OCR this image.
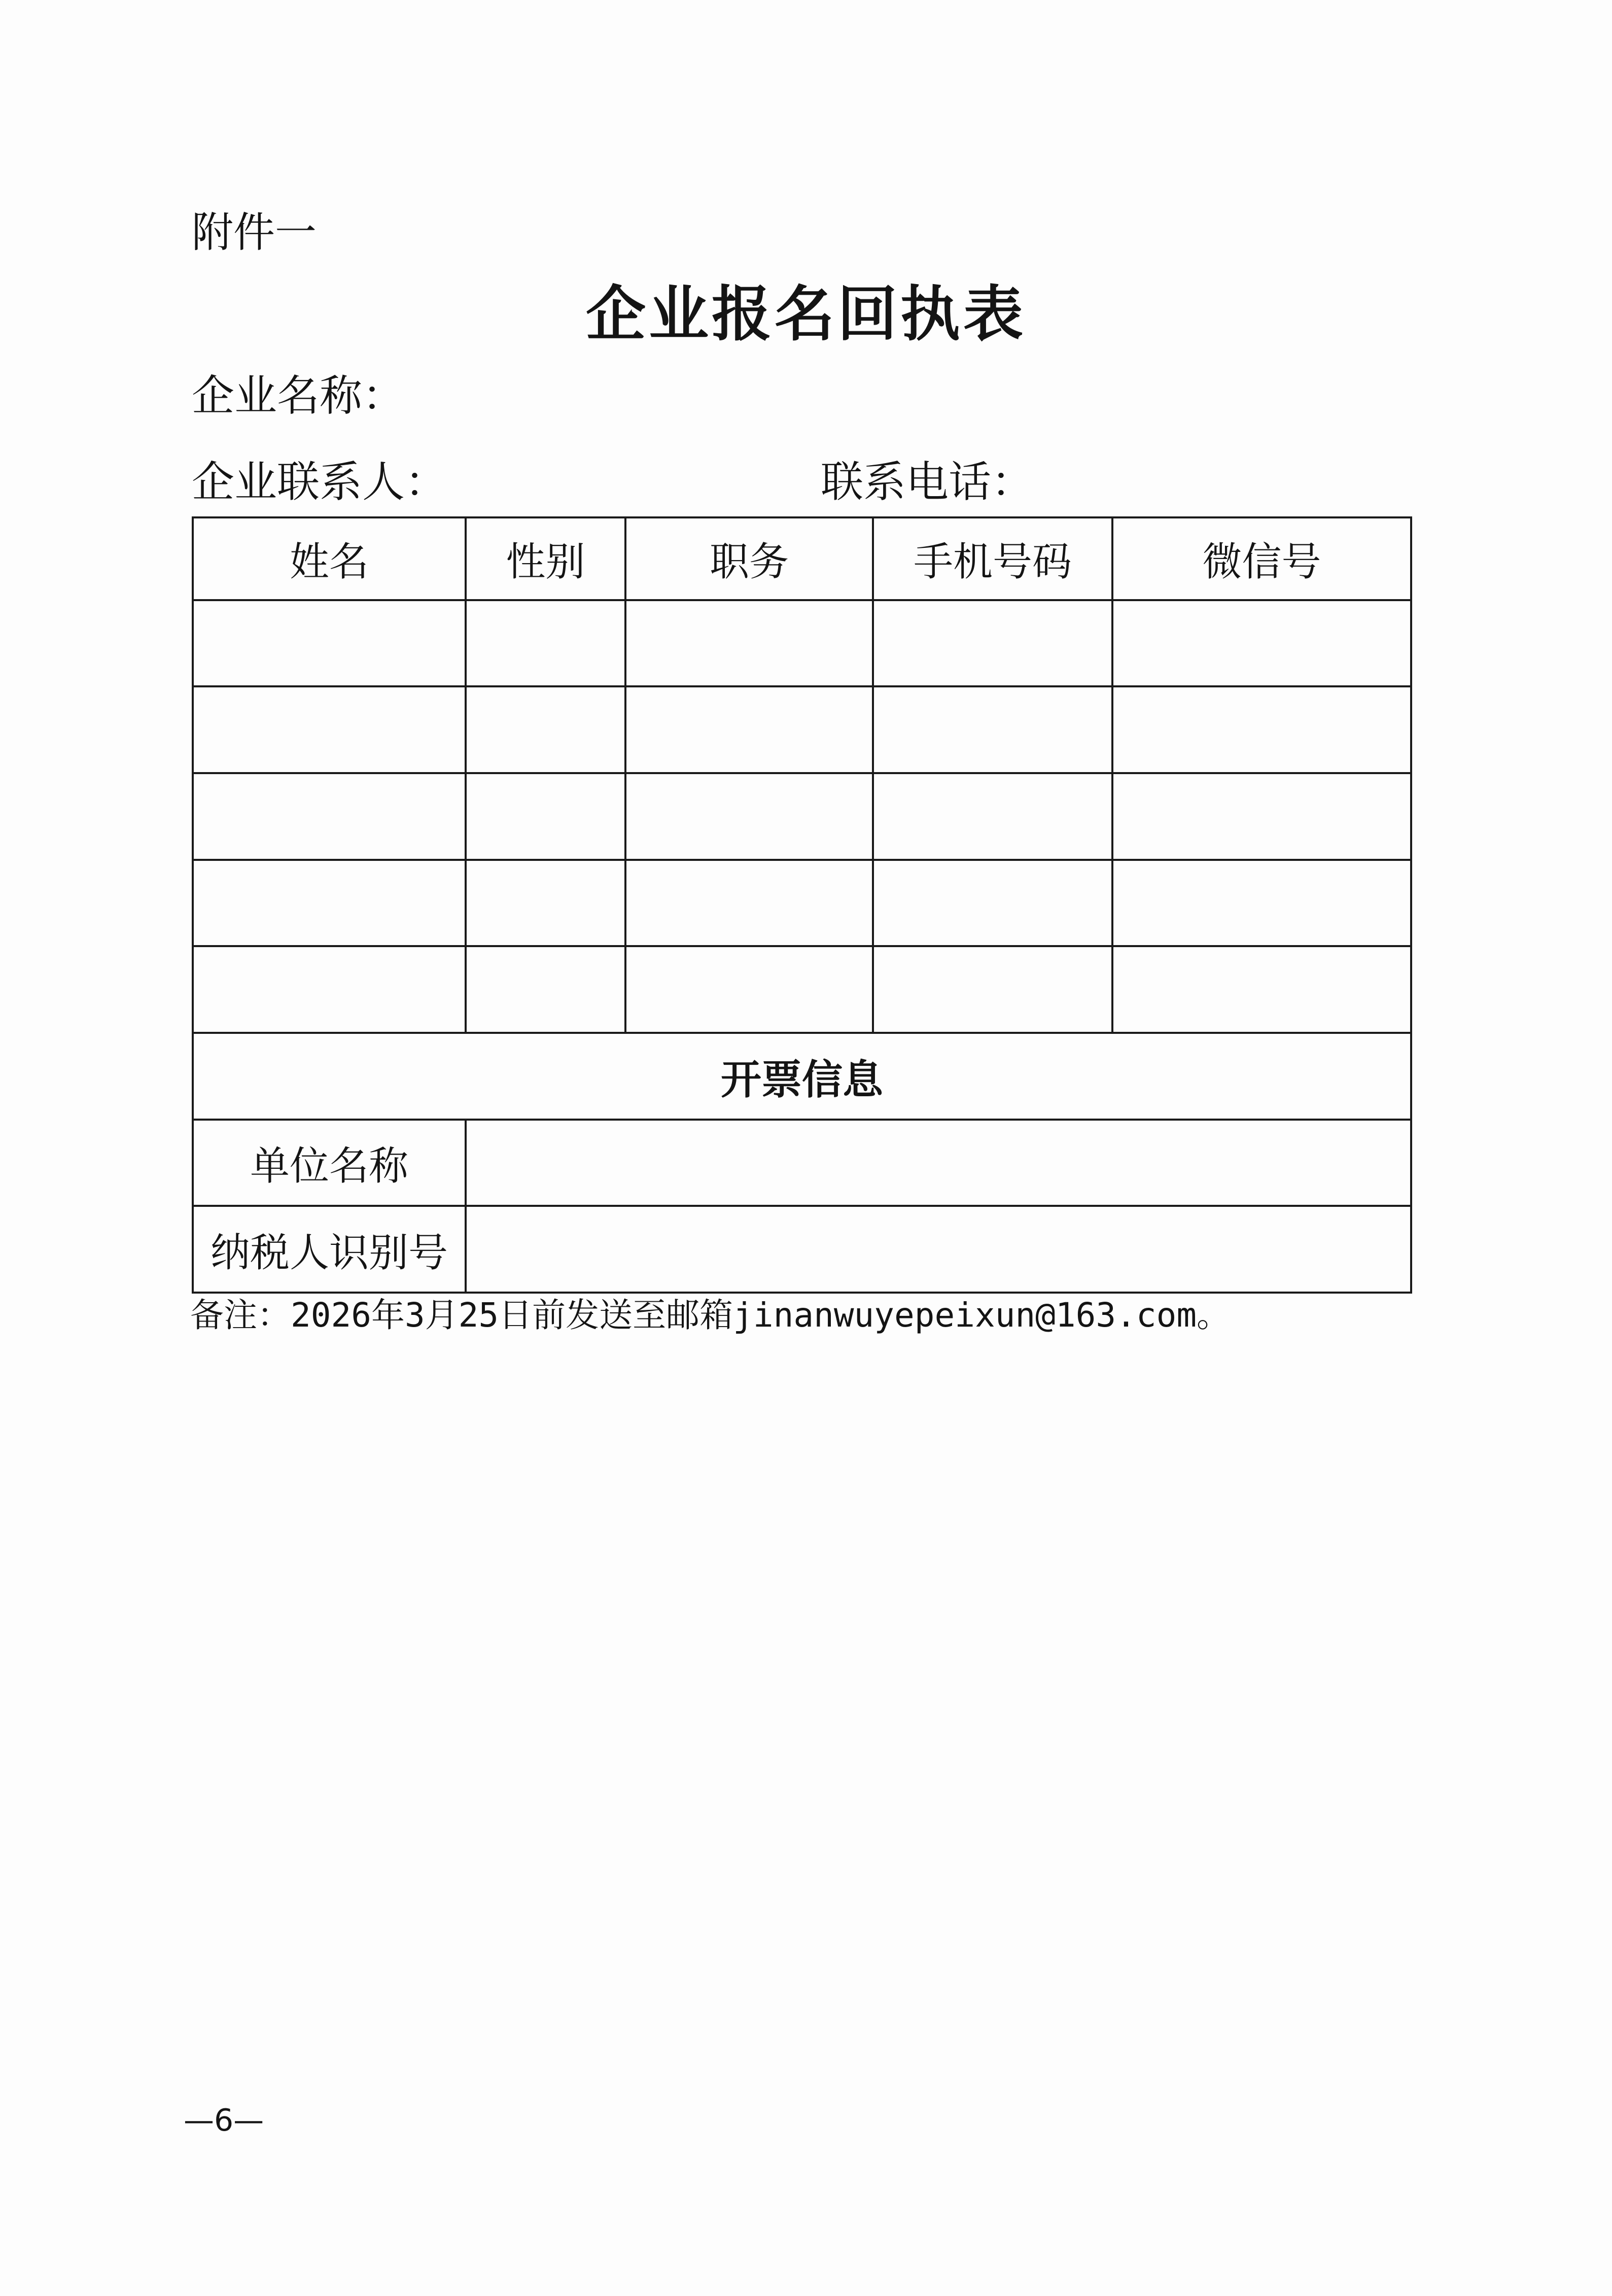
附件一
企业报名回执表
企业名称：
企业联系人：	联系电话：
姓名	性别	职务	手机号码	微信号

开票信息				
单位名称				
纳税人识别号				
备注：2026年3月25日前发送至邮箱jinanwuyepeixun@163.com。
—6—
